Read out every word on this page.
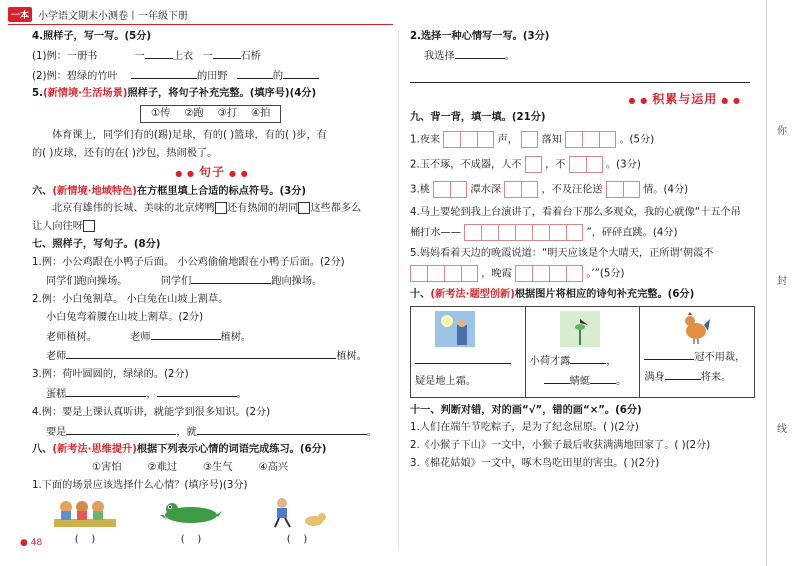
一本 小学语文期末小测卷丨一年级下册
4.照样子，写一写。(5分)
(1)例：一册书	一	上衣 一	石桥
(2)例：碧绿的竹叶	的田野	的
5.(新情境·生活场景)照样子，将句子补充完整。(填序号)(4分)
①传 ②跑 ③打 ④拍
体育课上，同学们有的(踢)足球，有的( )篮球，有的( )步，有
的( )皮球，还有的在( )沙包，热闹极了。
● ● 句子 ● ●
六、(新情境·地域特色)在方框里填上合适的标点符号。(3分)
北京有雄伟的长城、美味的北京烤鸭 还有热闹的胡同 这些都多么
让人向往呀
七、照样子，写句子。(8分)
1.例：小公鸡跟在小鸭子后面。 小公鸡偷偷地跟在小鸭子后面。(2分)
同学们跑向操场。	同学们	跑向操场。
2.例：小白兔割草。 小白兔在山坡上割草。
小白兔弯着腰在山坡上割草。(2分)
老师植树。	老师	植树。
老师	植树。
3.例：荷叶圆圆的，绿绿的。(2分)
蛋糕	，	。
4.例：要是上课认真听讲，就能学到很多知识。(2分)
要是	，就	。
八、(新考法·思维提升)根据下列表示心情的词语完成练习。(6分)
①害怕	②难过	③生气	④高兴
1.下面的场景应该选择什么心情？(填序号)(3分)
(    )	(    )	(    )
● 48
2.选择一种心情写一写。(3分)
我选择	。
● ● 积累与运用 ● ●
九、背一背，填一填。(21分)
1.夜来	声， 落知	。(5分)
2.玉不琢，不成器，人不 ，不	。(3分)
3.桃	潭水深	，不及汪伦送	情。(4分)
4.马上要轮到我上台演讲了，看着台下那么多观众，我的心就像“十五个吊
桶打水——	”，砰砰直跳。(4分)
5.妈妈看着天边的晚霞说道：“明天应该是个大晴天，正所谓‘朝霞不
，晚霞	。’”(5分)
十、(新考法·题型创新)根据图片将相应的诗句补充完整。(6分)
疑是地上霜。
小荷才露	，
蜻蜓	。
冠不用裁，
满身	将来。
十一、判断对错，对的画“√”，错的画“×”。(6分)
1.人们在端午节吃粽子，是为了纪念屈原。( )(2分)
2.《小猴子下山》一文中，小猴子最后收获满满地回家了。( )(2分)
3.《棉花姑娘》一文中，啄木鸟吃田里的害虫。( )(2分)
你
封
线
